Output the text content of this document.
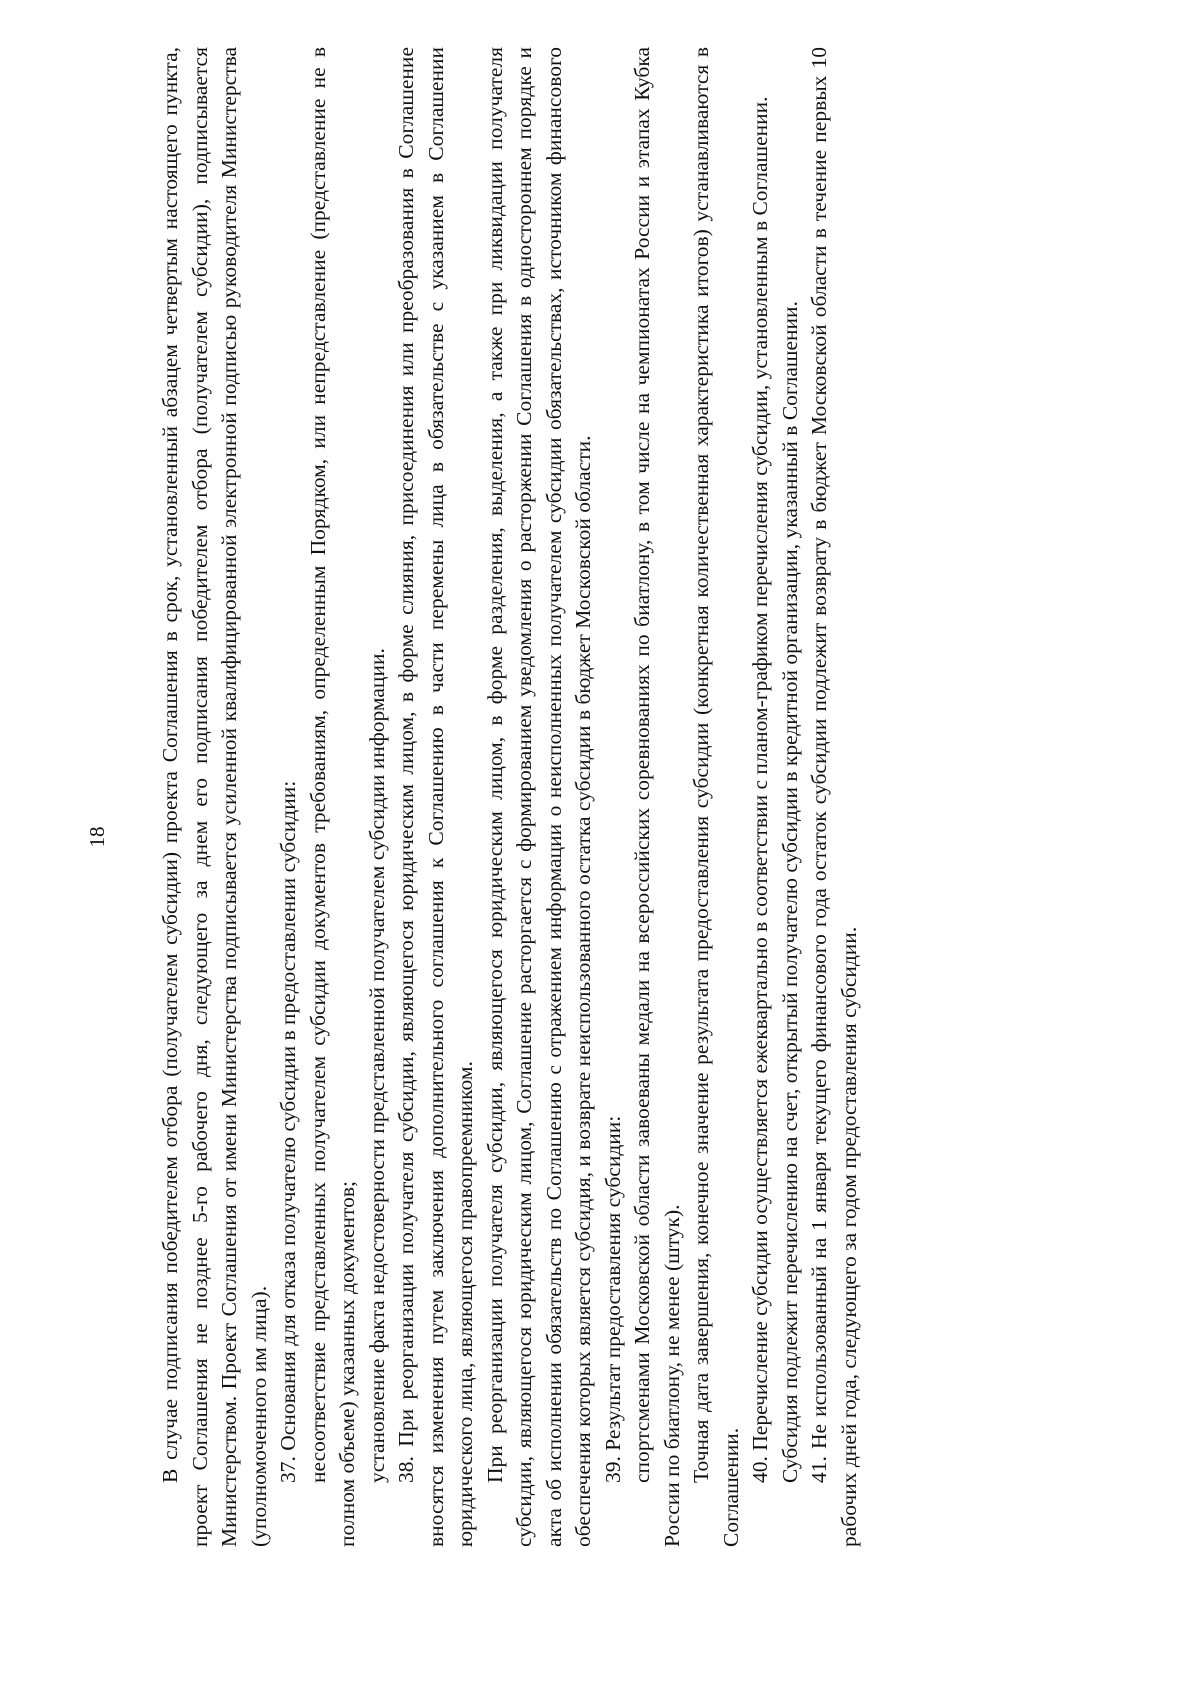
18 В случае подписания победителем отбора (получателем субсидии) проекта Соглашения в срок, установленный абзацем четвертым настоящего пункта, проект Соглашения не позднее 5-го рабочего дня, следующего за днем его подписания победителем отбора (получателем субсидии), подписывается Министерством. Проект Соглашения от имени Министерства подписывается усиленной квалифицированной электронной подписью руководителя Министерства (уполномоченного им лица). 37. Основания для отказа получателю субсидии в предоставлении субсидии: несоответствие представленных получателем субсидии документов требованиям, определенным Порядком, или непредставление (представление не в полном объеме) указанных документов; установление факта недостоверности представленной получателем субсидии информации. 38. При реорганизации получателя субсидии, являющегося юридическим лицом, в форме слияния, присоединения или преобразования в Соглашение вносятся изменения путем заключения дополнительного соглашения к Соглашению в части перемены лица в обязательстве с указанием в Соглашении юридического лица, являющегося правопреемником. При реорганизации получателя субсидии, являющегося юридическим лицом, в форме разделения, выделения, а также при ликвидации получателя субсидии, являющегося юридическим лицом, Соглашение расторгается с формированием уведомления о расторжении Соглашения в одностороннем порядке и акта об исполнении обязательств по Соглашению с отражением информации о неисполненных получателем субсидии обязательствах, источником финансового обеспечения которых является субсидия, и возврате неиспользованного остатка субсидии в бюджет Московской области. 39. Результат предоставления субсидии: спортсменами Московской области завоеваны медали на всероссийских соревнованиях по биатлону, в том числе на чемпионатах России и этапах Кубка России по биатлону, не менее (штук). Точная дата завершения, конечное значение результата предоставления субсидии (конкретная количественная характеристика итогов) устанавливаются в Соглашении.

40. Перечисление субсидии осуществляется ежеквартально в соответствии с планом-графиком перечисления субсидии, установленным в Соглашении. Субсидия подлежит перечислению на счет, открытый получателю субсидии в кредитной организации, указанный в Соглашении. 41. Не использованный на 1 января текущего финансового года остаток субсидии подлежит возврату в бюджет Московской области в течение первых 10 рабочих дней года, следующего за годом предоставления субсидии.
